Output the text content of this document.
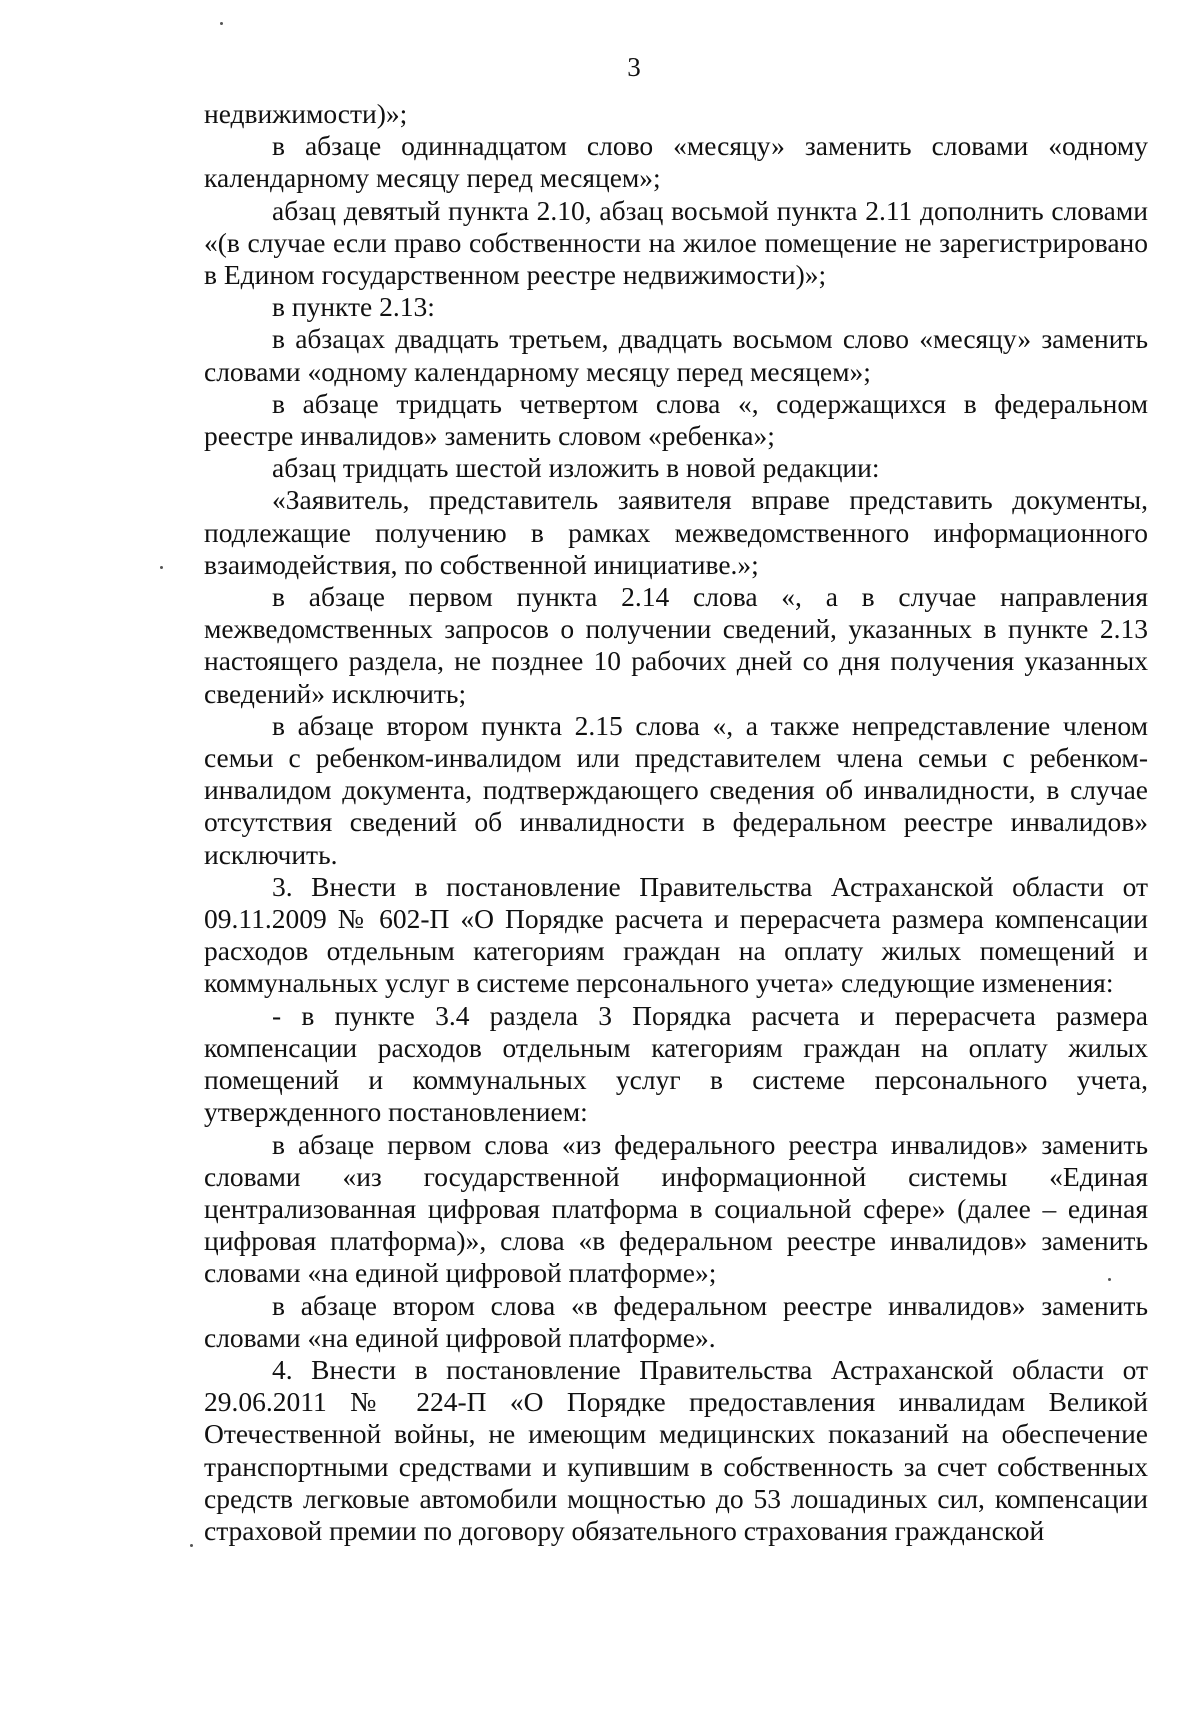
3

недвижимости)»;

в абзаце одиннадцатом слово «месяцу» заменить словами «одному календарному месяцу перед месяцем»;

абзац девятый пункта 2.10, абзац восьмой пункта 2.11 дополнить словами «(в случае если право собственности на жилое помещение не зарегистрировано в Едином государственном реестре недвижимости)»;

в пункте 2.13:

в абзацах двадцать третьем, двадцать восьмом слово «месяцу» заменить словами «одному календарному месяцу перед месяцем»;

в абзаце тридцать четвертом слова «, содержащихся в федеральном реестре инвалидов» заменить словом «ребенка»;

абзац тридцать шестой изложить в новой редакции:

«Заявитель, представитель заявителя вправе представить документы, подлежащие получению в рамках межведомственного информационного взаимодействия, по собственной инициативе.»;

в абзаце первом пункта 2.14 слова «, а в случае направления межведомственных запросов о получении сведений, указанных в пункте 2.13 настоящего раздела, не позднее 10 рабочих дней со дня получения указанных сведений» исключить;

в абзаце втором пункта 2.15 слова «, а также непредставление членом семьи с ребенком-инвалидом или представителем члена семьи с ребенком-инвалидом документа, подтверждающего сведения об инвалидности, в случае отсутствия сведений об инвалидности в федеральном реестре инвалидов» исключить.

3. Внести в постановление Правительства Астраханской области от 09.11.2009 № 602-П «О Порядке расчета и перерасчета размера компенсации расходов отдельным категориям граждан на оплату жилых помещений и коммунальных услуг в системе персонального учета» следующие изменения:

- в пункте 3.4 раздела 3 Порядка расчета и перерасчета размера компенсации расходов отдельным категориям граждан на оплату жилых помещений и коммунальных услуг в системе персонального учета, утвержденного постановлением:

в абзаце первом слова «из федерального реестра инвалидов» заменить словами «из государственной информационной системы «Единая централизованная цифровая платформа в социальной сфере» (далее – единая цифровая платформа)», слова «в федеральном реестре инвалидов» заменить словами «на единой цифровой платформе»;

в абзаце втором слова «в федеральном реестре инвалидов» заменить словами «на единой цифровой платформе».

4. Внести в постановление Правительства Астраханской области от 29.06.2011 № 224-П «О Порядке предоставления инвалидам Великой Отечественной войны, не имеющим медицинских показаний на обеспечение транспортными средствами и купившим в собственность за счет собственных средств легковые автомобили мощностью до 53 лошадиных сил, компенсации страховой премии по договору обязательного страхования гражданской
